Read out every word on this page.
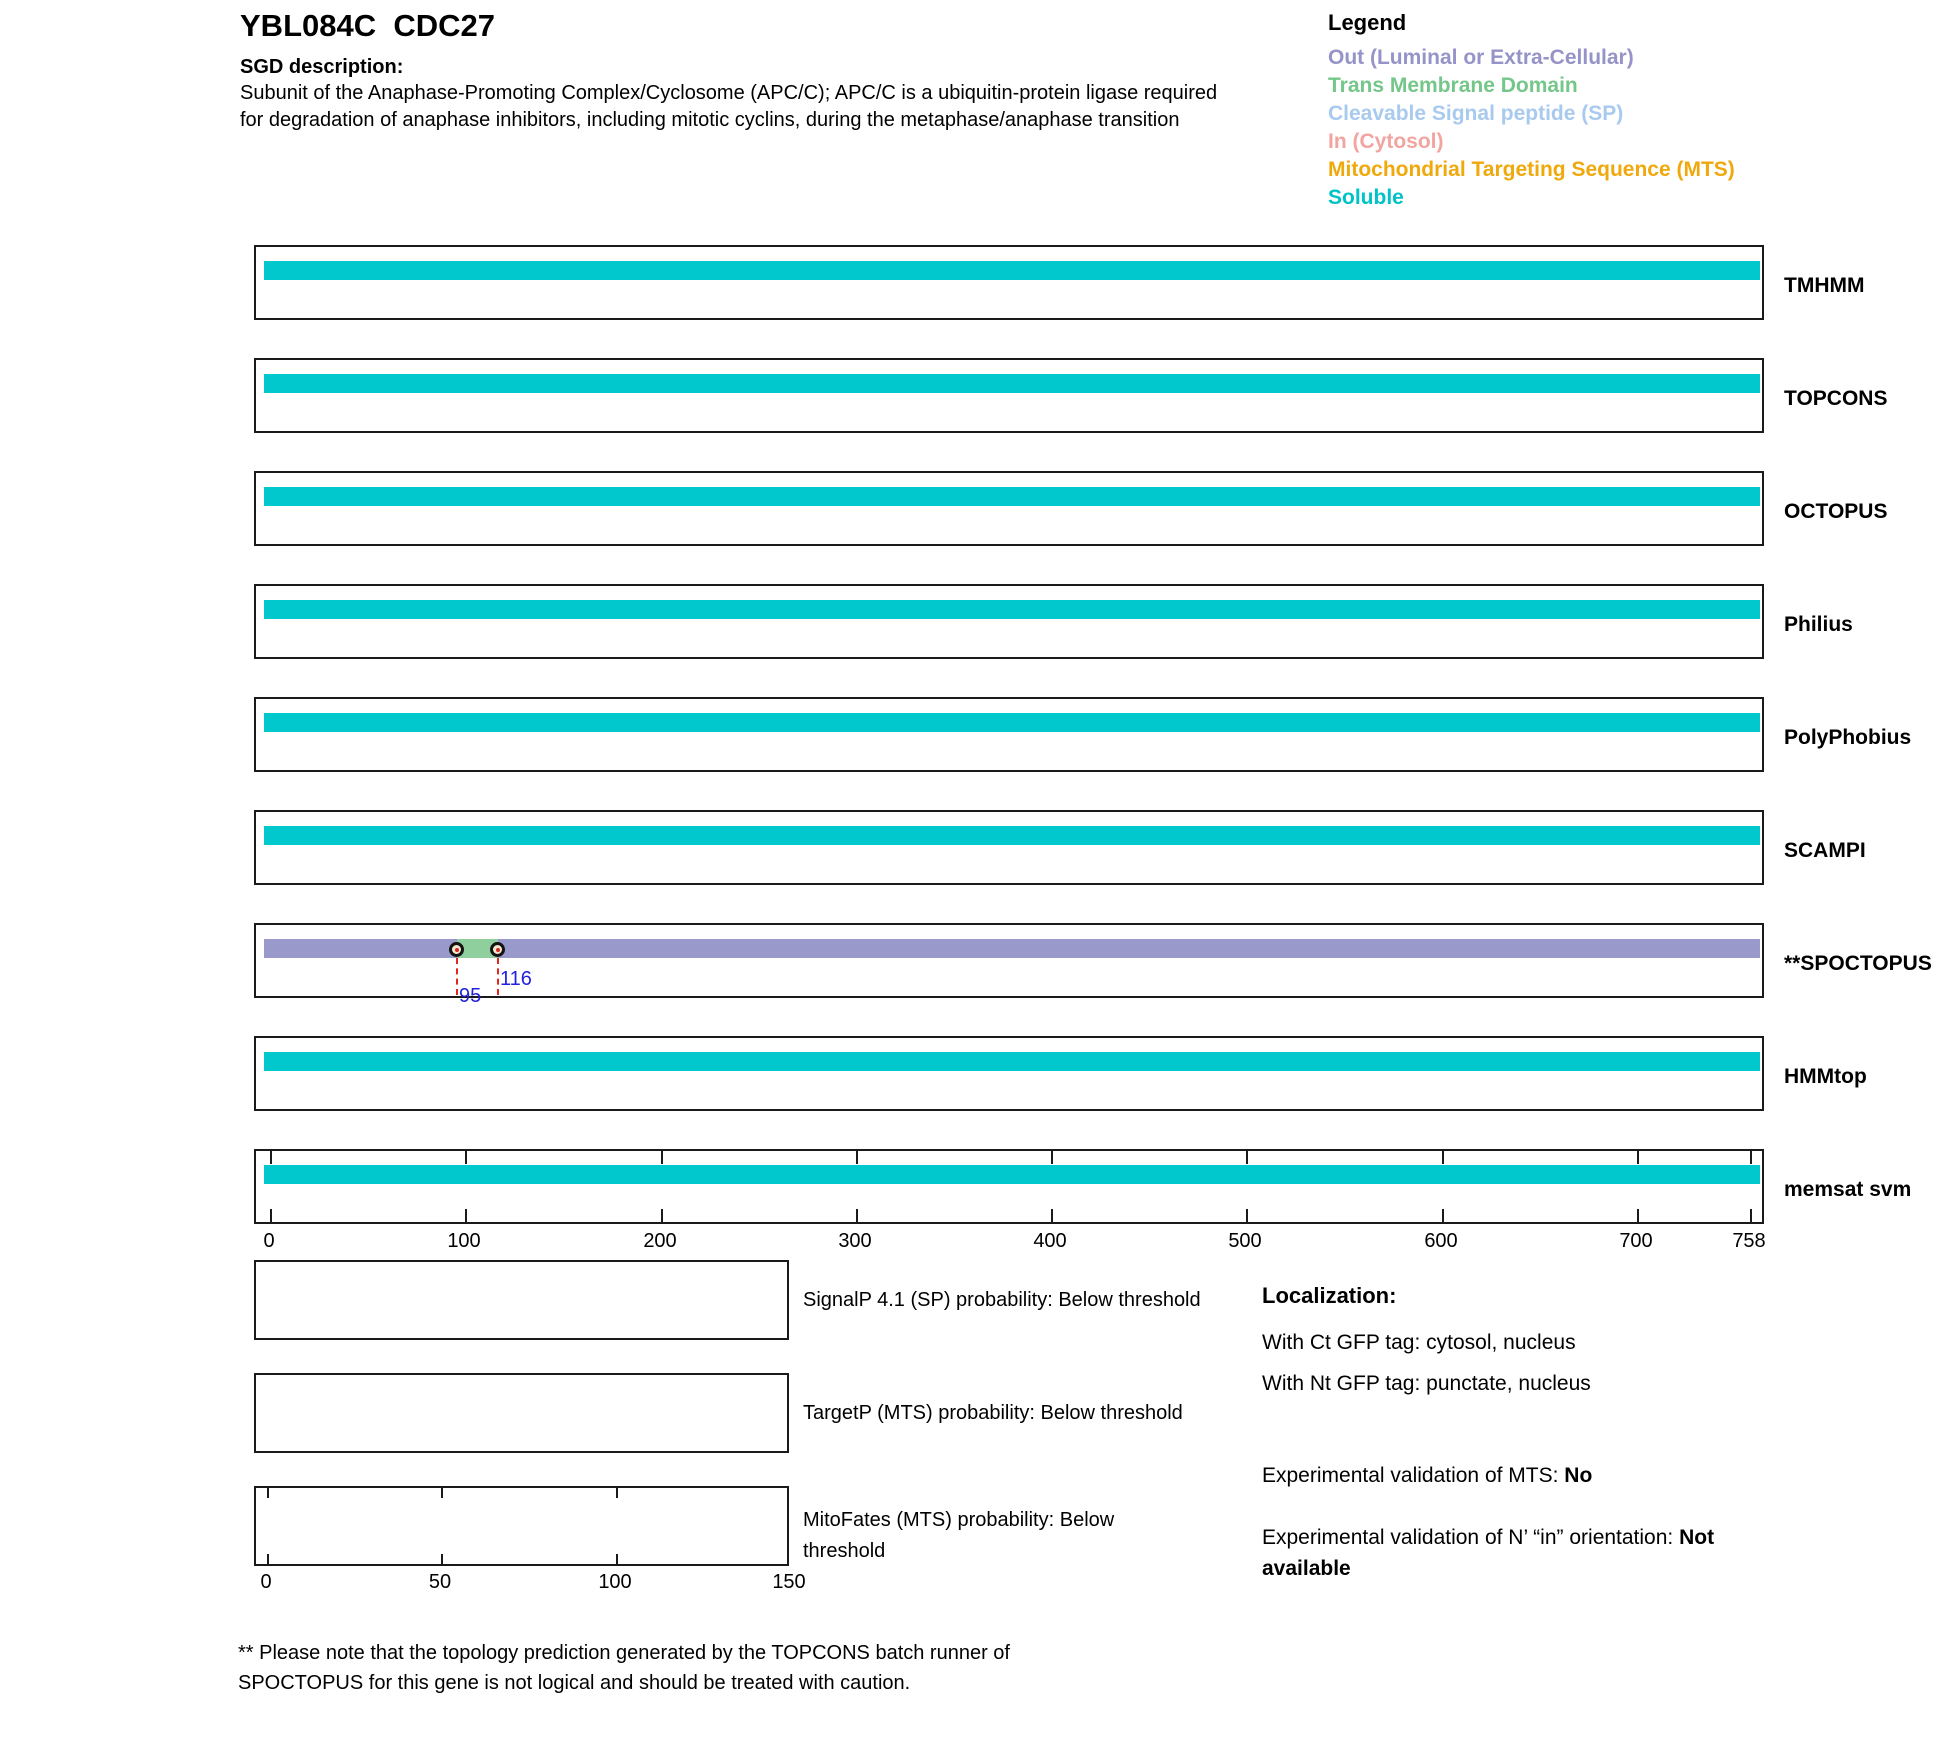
YBL084C  CDC27
SGD description:
Subunit of the Anaphase-Promoting Complex/Cyclosome (APC/C); APC/C is a ubiquitin-protein ligase required for degradation of anaphase inhibitors, including mitotic cyclins, during the metaphase/anaphase transition
Legend
Out (Luminal or Extra-Cellular)
Trans Membrane Domain
Cleavable Signal peptide (SP)
In (Cytosol)
Mitochondrial Targeting Sequence (MTS)
Soluble
TMHMM
TOPCONS
OCTOPUS
Philius
PolyPhobius
SCAMPI
95
116
**SPOCTOPUS
HMMtop
memsat svm
Localization:
With Ct GFP tag: cytosol, nucleus
With Nt GFP tag: punctate, nucleus
Experimental validation of MTS: No
Experimental validation of N’ “in” orientation: Not available
** Please note that the topology prediction generated by the TOPCONS batch runner of
SPOCTOPUS for this gene is not logical and should be treated with caution.
0	100	200	300	400	500	600	700	758
SignalP 4.1 (SP) probability: Below threshold
TargetP (MTS) probability: Below threshold
0	50	100	150
MitoFates (MTS) probability: Below
threshold
